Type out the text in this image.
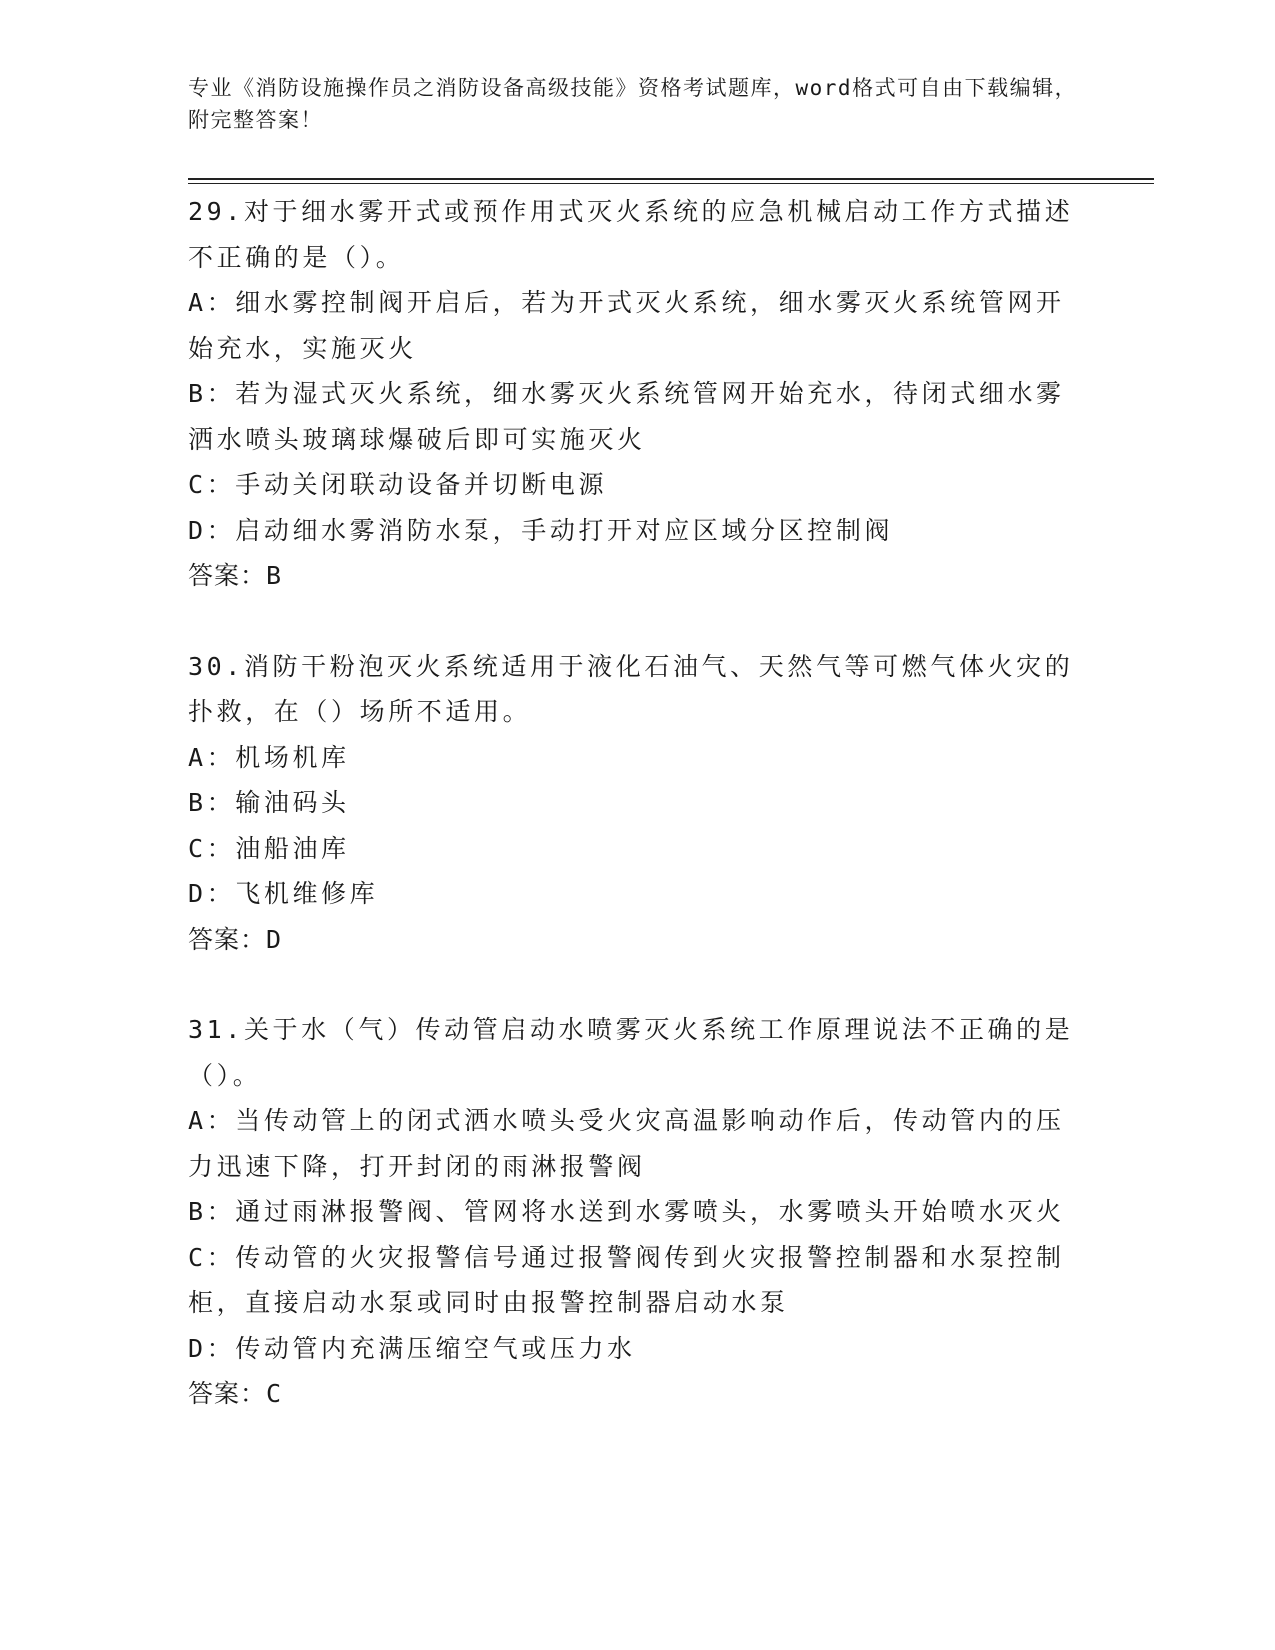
专业《消防设施操作员之消防设备高级技能》资格考试题库，word格式可自由下载编辑，附完整答案！
29.对于细水雾开式或预作用式灭火系统的应急机械启动工作方式描述不正确的是（）。
A：细水雾控制阀开启后，若为开式灭火系统，细水雾灭火系统管网开始充水，实施灭火
B：若为湿式灭火系统，细水雾灭火系统管网开始充水，待闭式细水雾洒水喷头玻璃球爆破后即可实施灭火
C：手动关闭联动设备并切断电源
D：启动细水雾消防水泵，手动打开对应区域分区控制阀
答案：B
30.消防干粉泡灭火系统适用于液化石油气、天然气等可燃气体火灾的扑救，在（）场所不适用。
A：机场机库
B：输油码头
C：油船油库
D：飞机维修库
答案：D
31.关于水（气）传动管启动水喷雾灭火系统工作原理说法不正确的是（）。
A：当传动管上的闭式洒水喷头受火灾高温影响动作后，传动管内的压力迅速下降，打开封闭的雨淋报警阀
B：通过雨淋报警阀、管网将水送到水雾喷头，水雾喷头开始喷水灭火
C：传动管的火灾报警信号通过报警阀传到火灾报警控制器和水泵控制柜，直接启动水泵或同时由报警控制器启动水泵
D：传动管内充满压缩空气或压力水
答案：C
